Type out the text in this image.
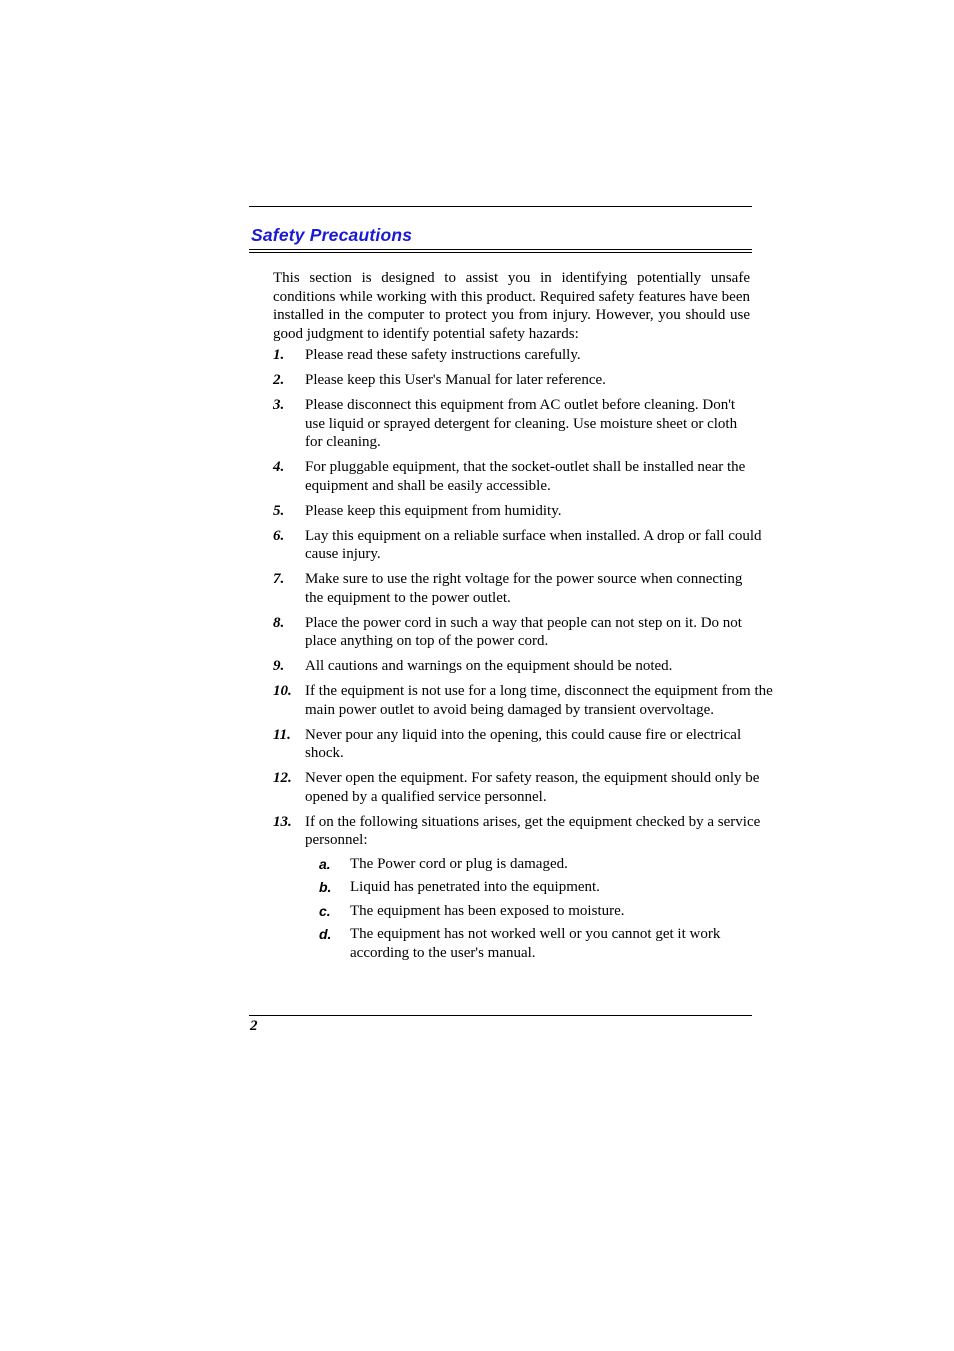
Safety Precautions

This section is designed to assist you in identifying potentially unsafe conditions while working with this product. Required safety features have been installed in the computer to protect you from injury. However, you should use good judgment to identify potential safety hazards:

1. Please read these safety instructions carefully.
2. Please keep this User's Manual for later reference.
3. Please disconnect this equipment from AC outlet before cleaning. Don't use liquid or sprayed detergent for cleaning. Use moisture sheet or cloth for cleaning.
4. For pluggable equipment, that the socket-outlet shall be installed near the equipment and shall be easily accessible.
5. Please keep this equipment from humidity.
6. Lay this equipment on a reliable surface when installed. A drop or fall could cause injury.
7. Make sure to use the right voltage for the power source when connecting the equipment to the power outlet.
8. Place the power cord in such a way that people can not step on it. Do not place anything on top of the power cord.
9. All cautions and warnings on the equipment should be noted.
10. If the equipment is not use for a long time, disconnect the equipment from the main power outlet to avoid being damaged by transient overvoltage.
11. Never pour any liquid into the opening, this could cause fire or electrical shock.
12. Never open the equipment. For safety reason, the equipment should only be opened by a qualified service personnel.
13. If on the following situations arises, get the equipment checked by a service personnel:
a. The Power cord or plug is damaged.
b. Liquid has penetrated into the equipment.
c. The equipment has been exposed to moisture.
d. The equipment has not worked well or you cannot get it work according to the user's manual.
2
